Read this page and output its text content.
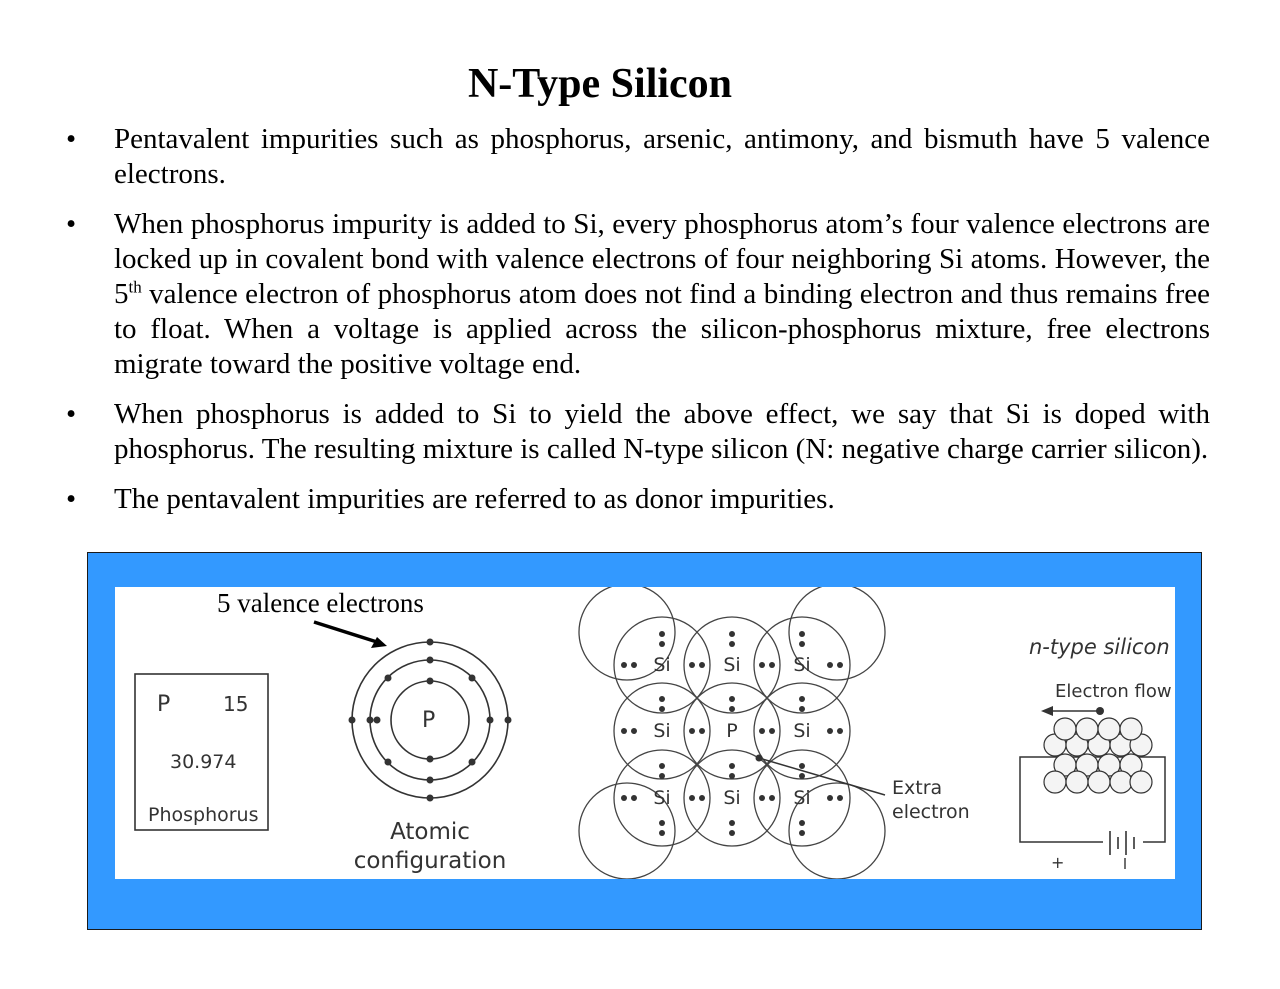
N-Type Silicon
• Pentavalent impurities such as phosphorus, arsenic, antimony, and bismuth have 5 valence electrons.
• When phosphorus impurity is added to Si, every phosphorus atom’s four valence electrons are locked up in covalent bond with valence electrons of four neighboring Si atoms. However, the 5th valence electron of phosphorus atom does not find a binding electron and thus remains free to float. When a voltage is applied across the silicon-phosphorus mixture, free electrons migrate toward the positive voltage end.
• When phosphorus is added to Si to yield the above effect, we say that Si is doped with phosphorus. The resulting mixture is called N-type silicon (N: negative charge carrier silicon).
• The pentavalent impurities are referred to as donor impurities.
P	15
30.974
Phosphorus
5 valence electrons
P
Atomic
configuration
Si	Si	Si
Si	P	Si
Si	Si	Si	Extra
electron
n-type silicon
Electron flow
+
